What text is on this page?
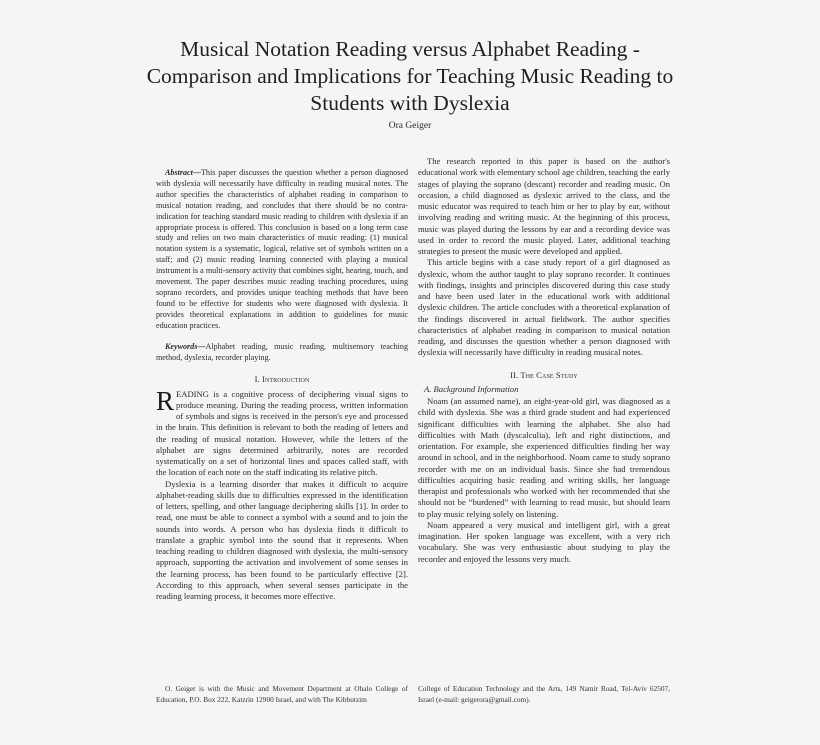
Musical Notation Reading versus Alphabet Reading - Comparison and Implications for Teaching Music Reading to Students with Dyslexia
Ora Geiger

Abstract—This paper discusses the question whether a person diagnosed with dyslexia will necessarily have difficulty in reading musical notes. The author specifies the characteristics of alphabet reading in comparison to musical notation reading, and concludes that there should be no contra-indication for teaching standard music reading to children with dyslexia if an appropriate process is offered. This conclusion is based on a long term case study and relies on two main characteristics of music reading: (1) musical notation system is a systematic, logical, relative set of symbols written on a staff; and (2) music reading learning connected with playing a musical instrument is a multi-sensory activity that combines sight, hearing, touch, and movement. The paper describes music reading teaching procedures, using soprano recorders, and provides unique teaching methods that have been found to be effective for students who were diagnosed with dyslexia. It provides theoretical explanations in addition to guidelines for music education practices.

Keywords—Alphabet reading, music reading, multisensory teaching method, dyslexia, recorder playing.

I. Introduction

READING is a cognitive process of deciphering visual signs to produce meaning. During the reading process, written information of symbols and signs is received in the person's eye and processed in the brain. This definition is relevant to both the reading of letters and the reading of musical notation. However, while the letters of the alphabet are signs determined arbitrarily, notes are recorded systematically on a set of horizontal lines and spaces called staff, with the location of each note on the staff indicating its relative pitch.

Dyslexia is a learning disorder that makes it difficult to acquire alphabet-reading skills due to difficulties expressed in the identification of letters, spelling, and other language deciphering skills [1]. In order to read, one must be able to connect a symbol with a sound and to join the sounds into words. A person who has dyslexia finds it difficult to translate a graphic symbol into the sound that it represents. When teaching reading to children diagnosed with dyslexia, the multi-sensory approach, supporting the activation and involvement of some senses in the learning process, has been found to be particularly effective [2]. According to this approach, when several senses participate in the reading learning process, it becomes more effective.

The research reported in this paper is based on the author's educational work with elementary school age children, teaching the early stages of playing the soprano (descant) recorder and reading music. On occasion, a child diagnosed as dyslexic arrived to the class, and the music educator was required to teach him or her to play by ear, without involving reading and writing music. At the beginning of this process, music was played during the lessons by ear and a recording device was used in order to record the music played. Later, additional teaching strategies to present the music were developed and applied.

This article begins with a case study report of a girl diagnosed as dyslexic, whom the author taught to play soprano recorder. It continues with findings, insights and principles discovered during this case study and have been used later in the educational work with additional dyslexic children. The article concludes with a theoretical explanation of the findings discovered in actual fieldwork. The author specifies characteristics of alphabet reading in comparison to musical notation reading, and discusses the question whether a person diagnosed with dyslexia will necessarily have difficulty in reading musical notes.

II. The Case Study
A. Background Information

Noam (an assumed name), an eight-year-old girl, was diagnosed as a child with dyslexia. She was a third grade student and had experienced significant difficulties with learning the alphabet. She also had difficulties with Math (dyscalculia), left and right distinctions, and orientation. For example, she experienced difficulties finding her way around in school, and in the neighborhood. Noam came to study soprano recorder with me on an individual basis. Since she had tremendous difficulties acquiring basic reading and writing skills, her language therapist and professionals who worked with her recommended that she should not be “burdened” with learning to read music, but should learn to play music relying solely on listening.

Noam appeared a very musical and intelligent girl, with a great imagination. Her spoken language was excellent, with a very rich vocabulary. She was very enthusiastic about studying to play the recorder and enjoyed the lessons very much.

O. Geiger is with the Music and Movement Department at Ohalo College of Education, P.O. Box 222, Katzrin 12900 Israel, and with The Kibbutzim
College of Education Technology and the Arts, 149 Namir Road, Tel-Aviv 62507, Israel (e-mail: geigerora@gmail.com).
